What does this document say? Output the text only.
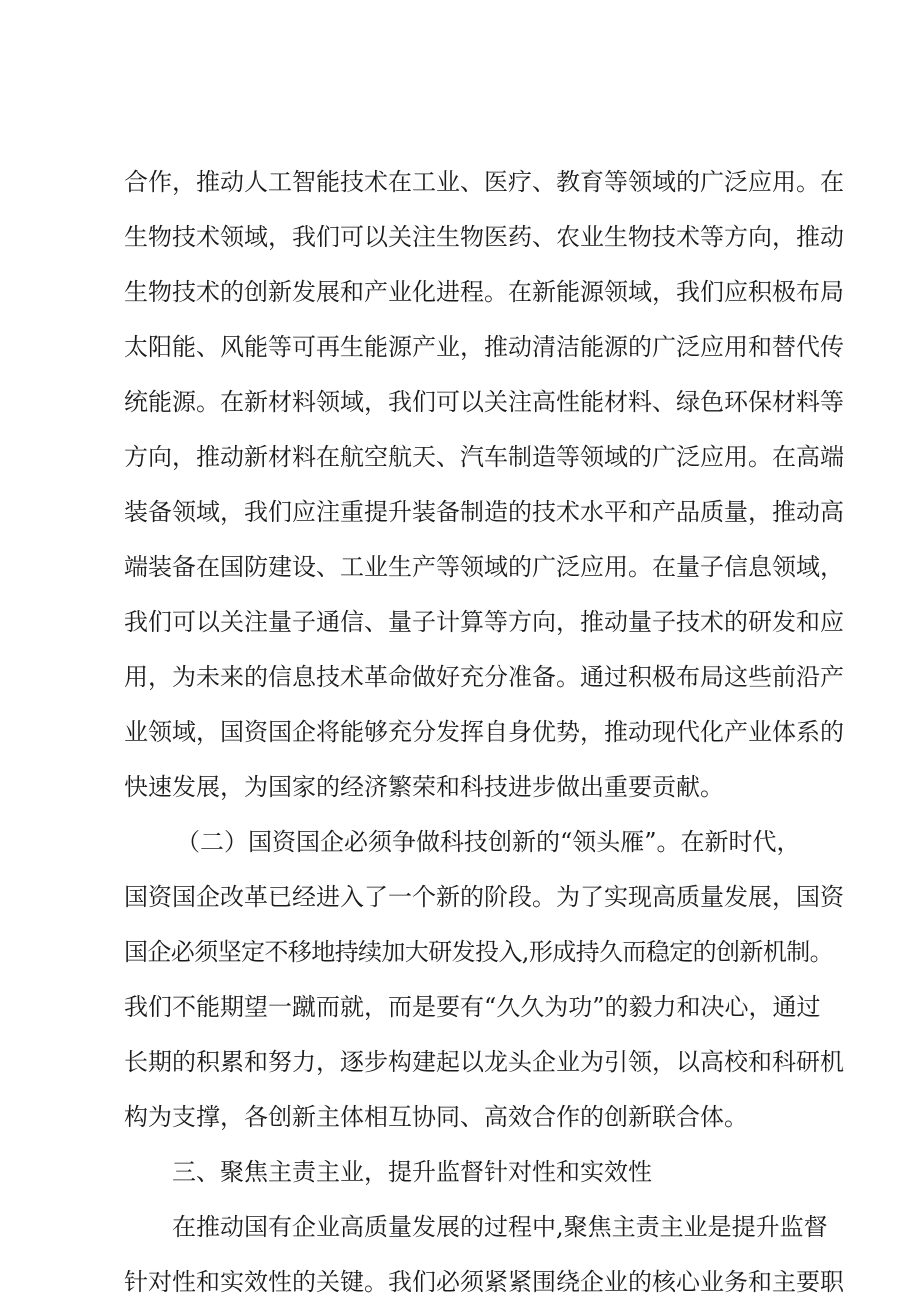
合作，推动人工智能技术在工业、医疗、教育等领域的广泛应用。在
生物技术领域，我们可以关注生物医药、农业生物技术等方向，推动
生物技术的创新发展和产业化进程。在新能源领域，我们应积极布局
太阳能、风能等可再生能源产业，推动清洁能源的广泛应用和替代传
统能源。在新材料领域，我们可以关注高性能材料、绿色环保材料等
方向，推动新材料在航空航天、汽车制造等领域的广泛应用。在高端
装备领域，我们应注重提升装备制造的技术水平和产品质量，推动高
端装备在国防建设、工业生产等领域的广泛应用。在量子信息领域，
我们可以关注量子通信、量子计算等方向，推动量子技术的研发和应
用，为未来的信息技术革命做好充分准备。通过积极布局这些前沿产
业领域，国资国企将能够充分发挥自身优势，推动现代化产业体系的
快速发展，为国家的经济繁荣和科技进步做出重要贡献。
（二）国资国企必须争做科技创新的“领头雁”。在新时代，
国资国企改革已经进入了一个新的阶段。为了实现高质量发展，国资
国企必须坚定不移地持续加大研发投入,形成持久而稳定的创新机制。
我们不能期望一蹴而就，而是要有“久久为功”的毅力和决心，通过
长期的积累和努力，逐步构建起以龙头企业为引领，以高校和科研机
构为支撑，各创新主体相互协同、高效合作的创新联合体。
三、聚焦主责主业，提升监督针对性和实效性
在推动国有企业高质量发展的过程中,聚焦主责主业是提升监督
针对性和实效性的关键。我们必须紧紧围绕企业的核心业务和主要职
